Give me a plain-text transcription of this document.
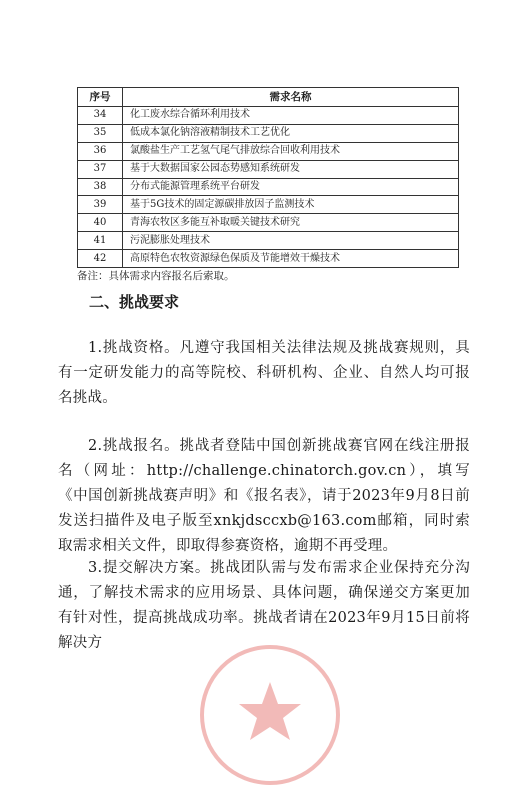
序号	需求名称
34	化工废水综合循环利用技术
35	低成本氯化钠溶液精制技术工艺优化
36	氯酸盐生产工艺氢气尾气排放综合回收利用技术
37	基于大数据国家公园态势感知系统研发
38	分布式能源管理系统平台研发
39	基于5G技术的固定源碳排放因子监测技术
40	青海农牧区多能互补取暖关键技术研究
41	污泥膨胀处理技术
42	高原特色农牧资源绿色保质及节能增效干燥技术
备注：具体需求内容报名后索取。
二、挑战要求

1.挑战资格。凡遵守我国相关法律法规及挑战赛规则，具有一定研发能力的高等院校、科研机构、企业、自然人均可报名挑战。

2.挑战报名。挑战者登陆中国创新挑战赛官网在线注册报名（网址：http://challenge.chinatorch.gov.cn），填写《中国创新挑战赛声明》和《报名表》，请于2023年9月8日前发送扫描件及电子版至xnkjdsccxb@163.com邮箱，同时索取需求相关文件，即取得参赛资格，逾期不再受理。

3.提交解决方案。挑战团队需与发布需求企业保持充分沟通，了解技术需求的应用场景、具体问题，确保递交方案更加有针对性，提高挑战成功率。挑战者请在2023年9月15日前将解决方
